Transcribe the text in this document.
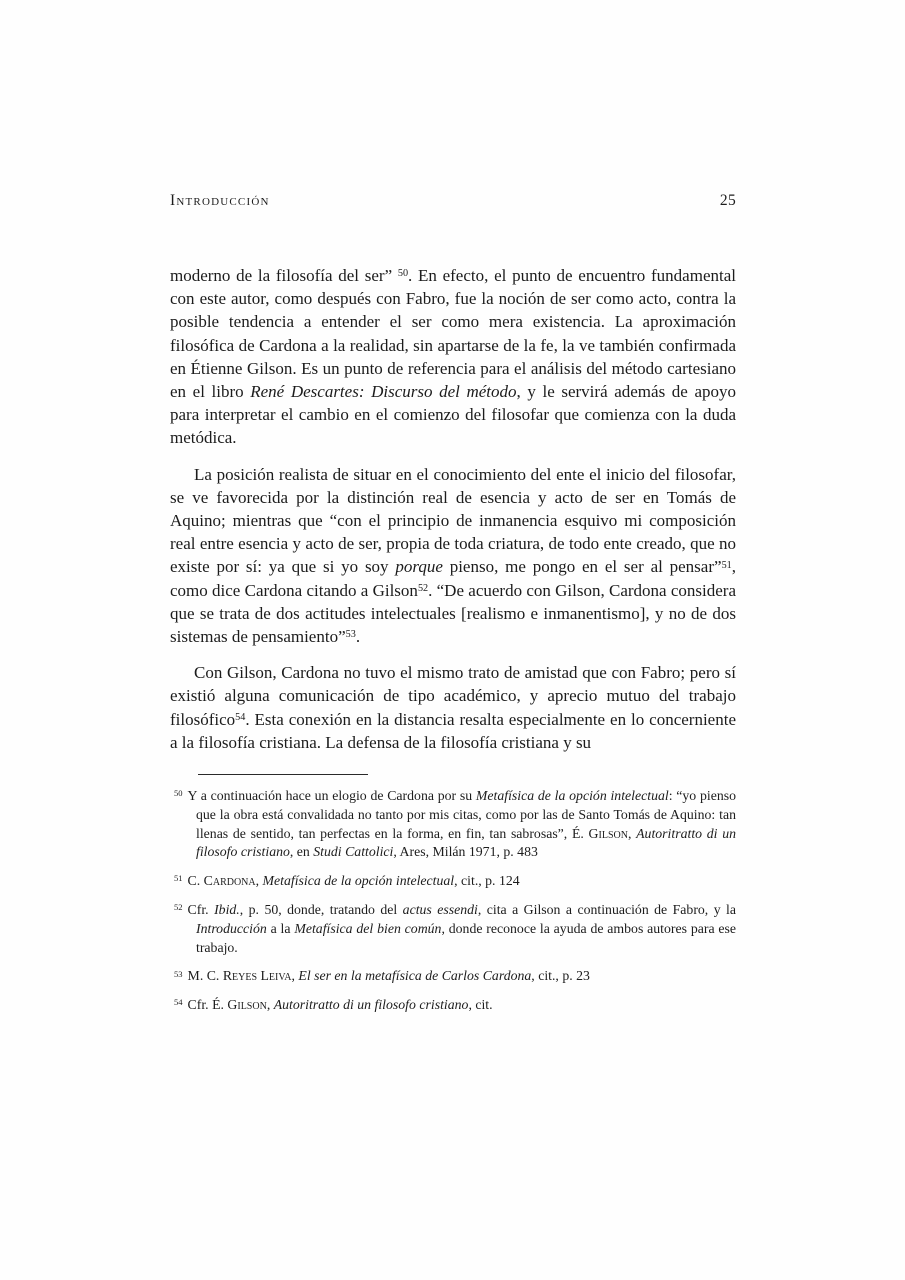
Introducción	25

moderno de la filosofía del ser” $^{50}$. En efecto, el punto de encuentro fundamental con este autor, como después con Fabro, fue la noción de ser como acto, contra la posible tendencia a entender el ser como mera existencia. La aproximación filosófica de Cardona a la realidad, sin apartarse de la fe, la ve también confirmada en Étienne Gilson. Es un punto de referencia para el análisis del método cartesiano en el libro René Descartes: Discurso del método, y le servirá además de apoyo para interpretar el cambio en el comienzo del filosofar que comienza con la duda metódica.

La posición realista de situar en el conocimiento del ente el inicio del filosofar, se ve favorecida por la distinción real de esencia y acto de ser en Tomás de Aquino; mientras que “con el principio de inmanencia esquivo mi composición real entre esencia y acto de ser, propia de toda criatura, de todo ente creado, que no existe por sí: ya que si yo soy porque pienso, me pongo en el ser al pensar”$^{51}$, como dice Cardona citando a Gilson$^{52}$. “De acuerdo con Gilson, Cardona considera que se trata de dos actitudes intelectuales [realismo e inmanentismo], y no de dos sistemas de pensamiento”$^{53}$.

Con Gilson, Cardona no tuvo el mismo trato de amistad que con Fabro; pero sí existió alguna comunicación de tipo académico, y aprecio mutuo del trabajo filosófico$^{54}$. Esta conexión en la distancia resalta especialmente en lo concerniente a la filosofía cristiana. La defensa de la filosofía cristiana y su

$^{50}$ Y a continuación hace un elogio de Cardona por su Metafísica de la opción intelectual: “yo pienso que la obra está convalidada no tanto por mis citas, como por las de Santo Tomás de Aquino: tan llenas de sentido, tan perfectas en la forma, en fin, tan sabrosas”, É. Gilson, Autoritratto di un filosofo cristiano, en Studi Cattolici, Ares, Milán 1971, p. 483

$^{51}$ C. Cardona, Metafísica de la opción intelectual, cit., p. 124

$^{52}$ Cfr. Ibid., p. 50, donde, tratando del actus essendi, cita a Gilson a continuación de Fabro, y la Introducción a la Metafísica del bien común, donde reconoce la ayuda de ambos autores para ese trabajo.

$^{53}$ M. C. Reyes Leiva, El ser en la metafísica de Carlos Cardona, cit., p. 23

$^{54}$ Cfr. É. Gilson, Autoritratto di un filosofo cristiano, cit.
